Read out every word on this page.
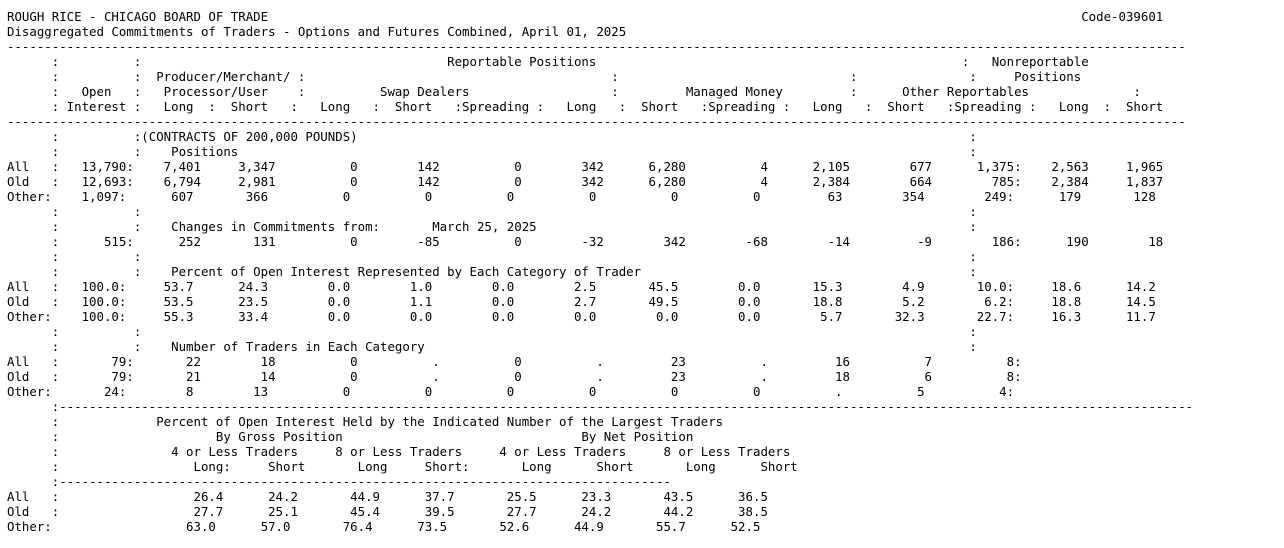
ROUGH RICE - CHICAGO BOARD OF TRADE                                                                                                             Code-039601
Disaggregated Commitments of Traders - Options and Futures Combined, April 01, 2025
--------------------------------------------------------------------------------------------------------------------------------------------------------------
:          :                                         Reportable Positions                                                 :   Nonreportable
:          :  Producer/Merchant/ :                                         :                               :               :     Positions
:   Open   :   Processor/User    :          Swap Dealers                   :         Managed Money         :      Other Reportables              :
: Interest :   Long  :  Short   :   Long   :  Short   :Spreading :   Long   :  Short   :Spreading :   Long   :  Short   :Spreading :   Long  :  Short
--------------------------------------------------------------------------------------------------------------------------------------------------------------
:          :(CONTRACTS OF 200,000 POUNDS)                                                                                  :
:          :    Positions                                                                                                  :
All   :   13,790:    7,401     3,347          0        142          0        342      6,280          4      2,105        677      1,375:    2,563     1,965
Old   :   12,693:    6,794     2,981          0        142          0        342      6,280          4      2,384        664        785:    2,384     1,837
Other:    1,097:      607       366          0          0          0          0          0          0         63        354        249:      179       128
:          :                                                                                                               :
:          :    Changes in Commitments from:       March 25, 2025                                                          :
:      515:      252       131          0        -85          0        -32        342        -68        -14         -9        186:      190        18
:          :                                                                                                               :
:          :    Percent of Open Interest Represented by Each Category of Trader                                            :
All   :   100.0:     53.7      24.3        0.0        1.0        0.0        2.5       45.5        0.0       15.3        4.9       10.0:     18.6      14.2
Old   :   100.0:     53.5      23.5        0.0        1.1        0.0        2.7       49.5        0.0       18.8        5.2        6.2:     18.8      14.5
Other:    100.0:     55.3      33.4        0.0        0.0        0.0        0.0        0.0        0.0        5.7       32.3       22.7:     16.3      11.7
:          :                                                                                                               :
:          :    Number of Traders in Each Category                                                                         :
All   :       79:       22        18          0          .          0          .         23          .         16          7          8:
Old   :       79:       21        14          0          .          0          .         23          .         18          6          8:
Other:       24:        8        13          0          0          0          0          0          0          .          5          4:
:--------------------------------------------------------------------------------------------------------------------------------------------------------
:             Percent of Open Interest Held by the Indicated Number of the Largest Traders
:                     By Gross Position                                By Net Position
:               4 or Less Traders     8 or Less Traders     4 or Less Traders     8 or Less Traders
:                  Long:     Short       Long     Short:       Long      Short       Long      Short
:----------------------------------------------------------------------------------
All   :                  26.4      24.2       44.9      37.7       25.5      23.3       43.5      36.5
Old   :                  27.7      25.1       45.4      39.5       27.7      24.2       44.2      38.5
Other:                  63.0      57.0       76.4      73.5       52.6      44.9       55.7      52.5
